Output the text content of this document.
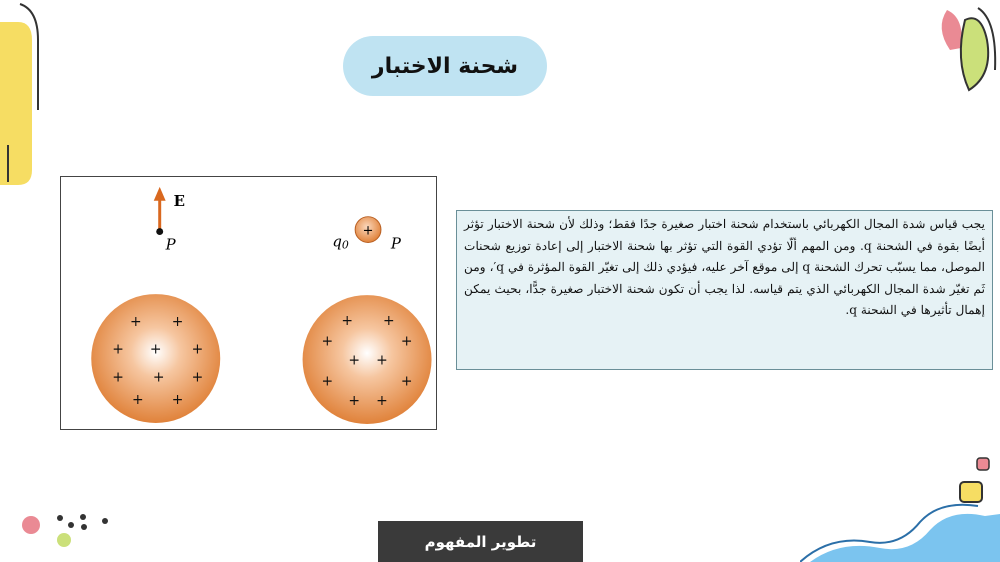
شحنة الاختبار
E
P
+
q0	P
+ +
+ + +
+ + +
+ +
+ +
+	+
+ +
+	+
+ +
يجب قياس شدة المجال الكهربائي باستخدام شحنة اختبار صغيرة جدًا فقط؛ وذلك لأن شحنة الاختبار تؤثر أيضًا بقوة في الشحنة q. ومن المهم ألّا تؤدي القوة التي تؤثر بها شحنة الاختبار إلى إعادة توزيع شحنات الموصل، مما يسبّب تحرك الشحنة q إلى موقع آخر عليه، فيؤدي ذلك إلى تغيّر القوة المؤثرة في q′، ومن ثَم تغيّر شدة المجال الكهربائي الذي يتم قياسه. لذا يجب أن تكون شحنة الاختبار صغيرة جدًّا، بحيث يمكن إهمال تأثيرها في الشحنة q.
تطوير المفهوم
